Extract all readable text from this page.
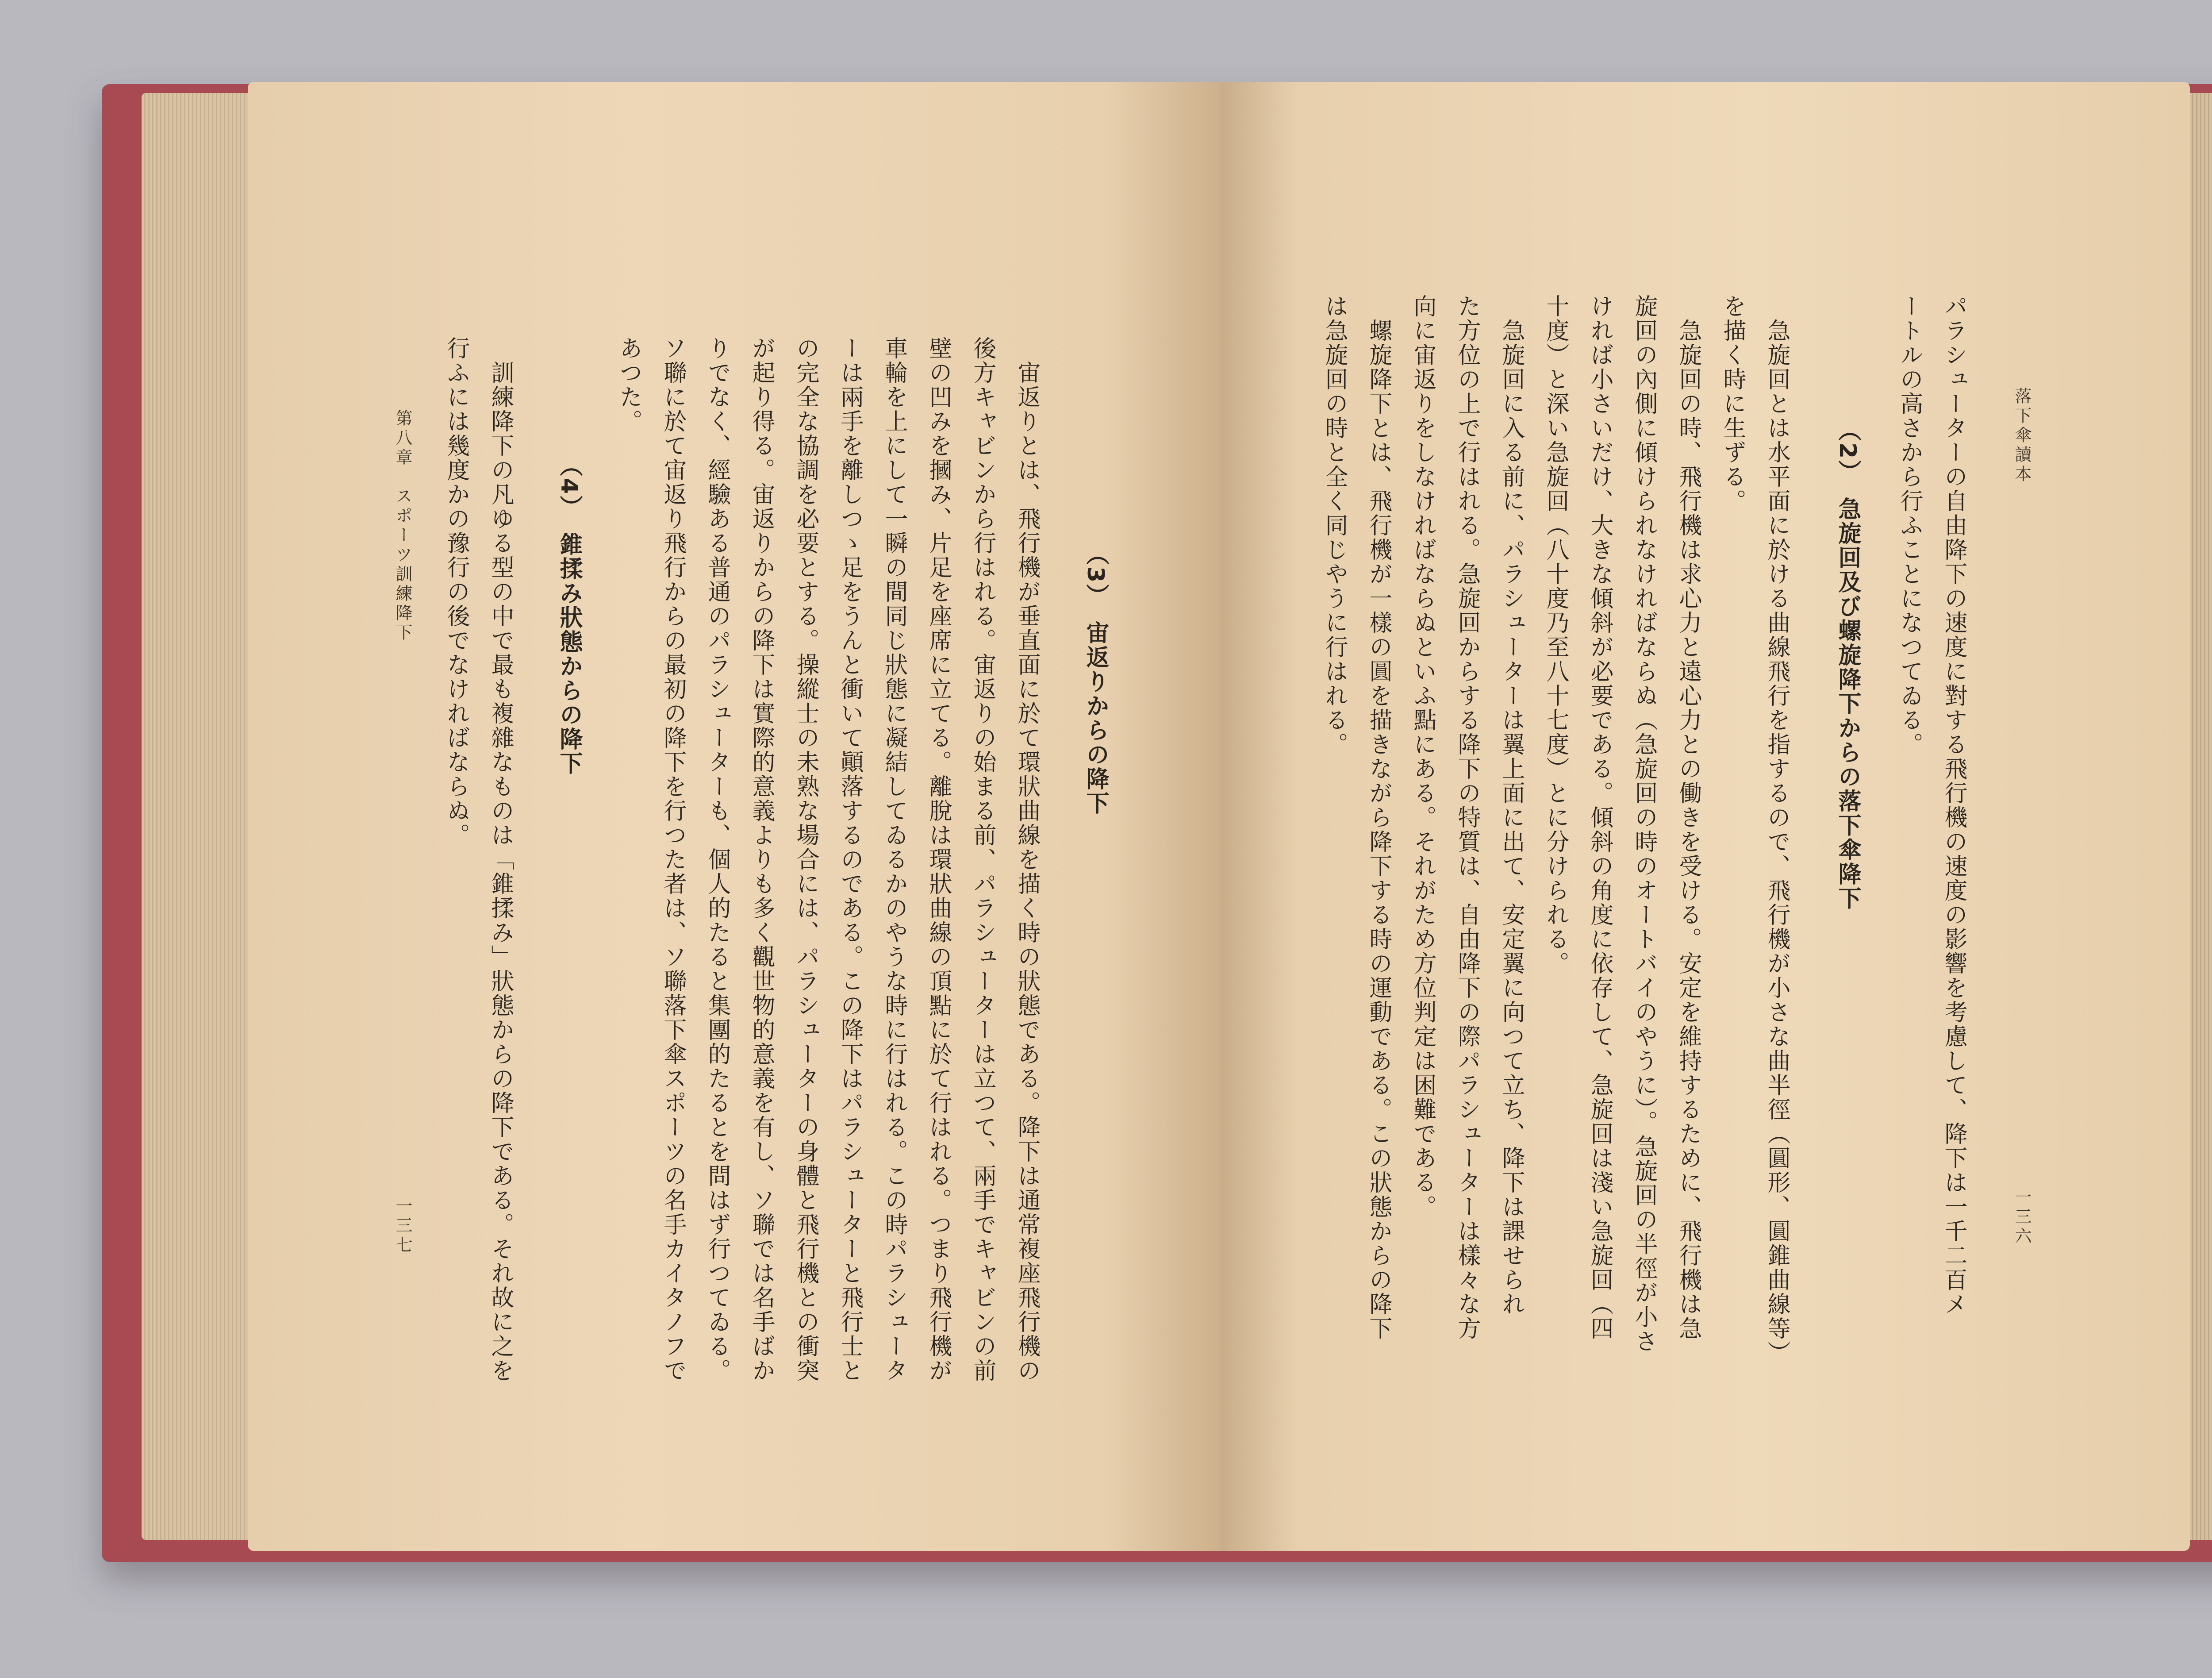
第八章　スポーツ訓練降下
一三七
行ふには幾度かの豫行の後でなければならぬ。 訓練降下の凡ゆる型の中で最も複雜なものは「錐揉み」狀態からの降下である。それ故に之を	（4）　錐揉み狀態からの降下
あつた。 ソ聯に於て宙返り飛行からの最初の降下を行つた者は、ソ聯落下傘スポーツの名手カイタノフで りでなく、經驗ある普通のパラシューターも、個人的たると集團的たるとを問はず行つてゐる。 が起り得る。宙返りからの降下は實際的意義よりも多く觀世物的意義を有し、ソ聯では名手ばか の完全な協調を必要とする。操縱士の未熟な場合には、パラシューターの身體と飛行機との衝突 ーは兩手を離しつゝ足をうんと衝いて顚落するのである。この降下はパラシューターと飛行士と 車輪を上にして一瞬の間同じ狀態に凝結してゐるかのやうな時に行はれる。この時パラシュータ 壁の凹みを摑み、片足を座席に立てる。離脫は環狀曲線の頂點に於て行はれる。つまり飛行機が 後方キャビンから行はれる。宙返りの始まる前、パラシューターは立つて、兩手でキャビンの前 宙返りとは、飛行機が垂直面に於て環狀曲線を描く時の狀態である。降下は通常複座飛行機の	（3）　宙返りからの降下	は急旋回の時と全く同じやうに行はれる。 螺旋降下とは、飛行機が一樣の圓を描きながら降下する時の運動である。この狀態からの降下 向に宙返りをしなければならぬといふ點にある。それがため方位判定は困難である。 た方位の上で行はれる。急旋回からする降下の特質は、自由降下の際パラシューターは樣々な方 急旋回に入る前に、パラシューターは翼上面に出て、安定翼に向つて立ち、降下は課せられ 十度）と深い急旋回（八十度乃至八十七度）とに分けられる。 ければ小さいだけ、大きな傾斜が必要である。傾斜の角度に依存して、急旋回は淺い急旋回（四 旋回の內側に傾けられなければならぬ（急旋回の時のオートバイのやうに）。急旋回の半徑が小さ 急旋回の時、飛行機は求心力と遠心力との働きを受ける。安定を維持するために、飛行機は急 を描く時に生ずる。 急旋回とは水平面に於ける曲線飛行を指するので、飛行機が小さな曲半徑（圓形、圓錐曲線等）	（2）　急旋回及び螺旋降下からの落下傘降下	ートルの高さから行ふことになつてゐる。 パラシューターの自由降下の速度に對する飛行機の速度の影響を考慮して、降下は一千二百メ	落下傘讀本
一三六
